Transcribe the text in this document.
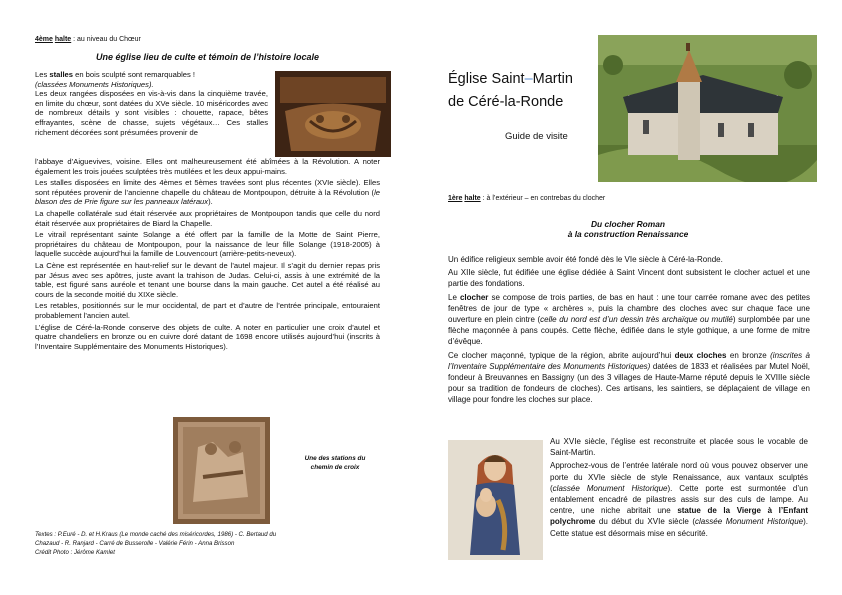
4ème halte : au niveau du Chœur
Une église lieu de culte et témoin de l’histoire locale

Les stalles en bois sculpté sont remarquables !
(classées Monuments Historiques).

Les deux rangées disposées en vis-à-vis dans la cinquième travée, en limite du chœur, sont datées du XVe siècle. 10 miséricordes avec de nombreux détails y sont visibles : chouette, rapace, bêtes effrayantes, scène de chasse, sujets végétaux… Ces stalles richement décorées sont présumées provenir de

l’abbaye d’Aiguevives, voisine. Elles ont malheureusement été abîmées à la Révolution. A noter également les trois jouées sculptées très mutilées et les deux appui-mains.

Les stalles disposées en limite des 4èmes et 5èmes travées sont plus récentes (XVIe siècle). Elles sont réputées provenir de l’ancienne chapelle du château de Montpoupon, détruite à la Révolution (le blason des de Prie figure sur les panneaux latéraux).

La chapelle collatérale sud était réservée aux propriétaires de Montpoupon tandis que celle du nord était réservée aux propriétaires de Biard la Chapelle.

Le vitrail représentant sainte Solange a été offert par la famille de la Motte de Saint Pierre, propriétaires du château de Montpoupon, pour la naissance de leur fille Solange (1918-2005) à laquelle succède aujourd’hui la famille de Louvencourt (arrière-petits-neveux).

La Cène est représentée en haut-relief sur le devant de l’autel majeur. Il s’agit du dernier repas pris par Jésus avec ses apôtres, juste avant la trahison de Judas. Celui-ci, assis à une extrémité de la table, est figuré sans auréole et tenant une bourse dans la main gauche. Cet autel a été réalisé au cours de la seconde moitié du XIXe siècle.

Les retables, positionnés sur le mur occidental, de part et d’autre de l’entrée principale, entouraient probablement l’ancien autel.

L’église de Céré-la-Ronde conserve des objets de culte. A noter en particulier une croix d’autel et quatre chandeliers en bronze ou en cuivre doré datant de 1698 encore utilisés aujourd’hui (inscrits à l’Inventaire Supplémentaire des Monuments Historiques).

Une des stations du
chemin de croix
Textes : P.Euré - D. et H.Kraus (Le monde caché des miséricordes, 1986) - C. Bertaud du
Chazaud - R. Ranjard - Carré de Busserolle - Valérie Férin - Anna Brisson
Crédit Photo : Jérôme Kamlet
Église Saint–Martin
de Céré-la-Ronde
Guide de visite
1ère halte : à l’extérieur – en contrebas du clocher
Du clocher Roman
à la construction Renaissance

Un édifice religieux semble avoir été fondé dès le VIe siècle à Céré-la-Ronde.

Au XIIe siècle, fut édifiée une église dédiée à Saint Vincent dont subsistent le clocher actuel et une partie des fondations.

Le clocher se compose de trois parties, de bas en haut : une tour carrée romane avec des petites fenêtres de jour de type « archères », puis la chambre des cloches avec sur chaque face une ouverture en plein cintre (celle du nord est d’un dessin très archaïque ou mutilé) surplombée par une flèche maçonnée à pans coupés. Cette flèche, édifiée dans le style gothique, a une forme de mitre d’évêque.

Ce clocher maçonné, typique de la région, abrite aujourd’hui deux cloches en bronze (inscrites à l’Inventaire Supplémentaire des Monuments Historiques) datées de 1833 et réalisées par Mutel Noël, fondeur à Breuvannes en Bassigny (un des 3 villages de Haute-Marne réputé depuis le XVIIIe siècle pour sa tradition de fondeurs de cloches). Ces artisans, les saintiers, se déplaçaient de village en village pour fondre les cloches sur place.

Au XVIe siècle, l’église est reconstruite et placée sous le vocable de Saint-Martin.

Approchez-vous de l’entrée latérale nord où vous pouvez observer une porte du XVIe siècle de style Renaissance, aux vantaux sculptés (classée Monument Historique). Cette porte est surmontée d’un entablement encadré de pilastres assis sur des culs de lampe. Au centre, une niche abritait une statue de la Vierge à l’Enfant polychrome du début du XVIe siècle (classée Monument Historique). Cette statue est désormais mise en sécurité.
